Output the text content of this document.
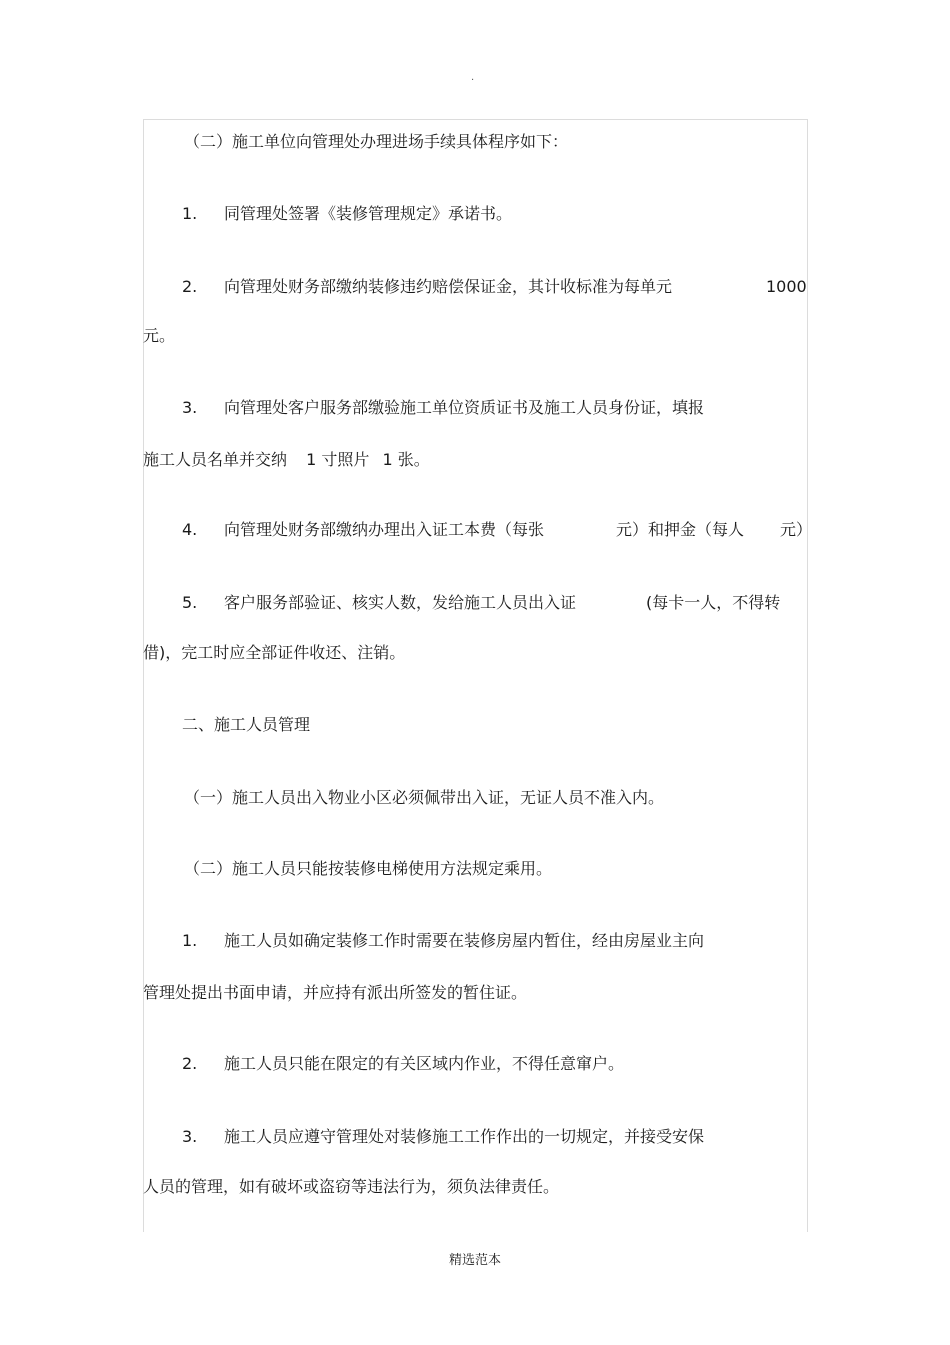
.
（二）施工单位向管理处办理进场手续具体程序如下：
1. 同管理处签署《装修管理规定》承诺书。
2. 向管理处财务部缴纳装修违约赔偿保证金，其计收标准为每单元	1000
元。
3. 向管理处客户服务部缴验施工单位资质证书及施工人员身份证，填报
施工人员名单并交纳 1 寸照片 1 张。
4. 向管理处财务部缴纳办理出入证工本费（每张	元）和押金（每人 元）
5. 客户服务部验证、核实人数，发给施工人员出入证	(每卡一人，不得转
借)，完工时应全部证件收还、注销。
二、施工人员管理
（一）施工人员出入物业小区必须佩带出入证，无证人员不准入内。
（二）施工人员只能按装修电梯使用方法规定乘用。
1. 施工人员如确定装修工作时需要在装修房屋内暂住，经由房屋业主向
管理处提出书面申请，并应持有派出所签发的暂住证。
2. 施工人员只能在限定的有关区域内作业，不得任意窜户。
3. 施工人员应遵守管理处对装修施工工作作出的一切规定，并接受安保
人员的管理，如有破坏或盗窃等违法行为，须负法律责任。
精选范本
